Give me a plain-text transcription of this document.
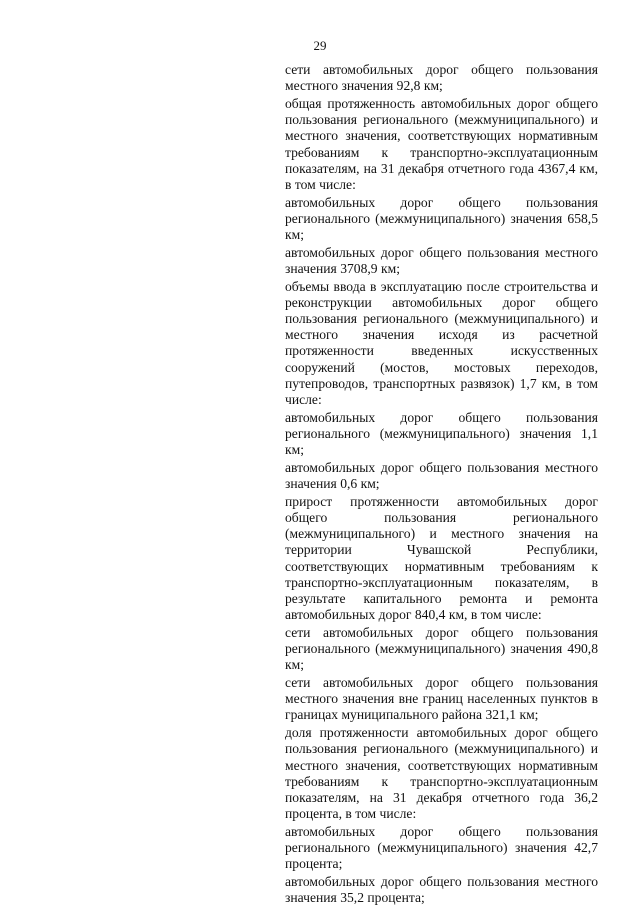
29

сети автомобильных дорог общего пользования местного значения 92,8 км;

общая протяженность автомобильных дорог общего пользования регионального (межмуниципального) и местного значения, соответствующих нормативным требованиям к транспортно-эксплуатационным показателям, на 31 декабря отчетного года 4367,4 км, в том числе:

автомобильных дорог общего пользования регионального (межмуниципального) значения 658,5 км;

автомобильных дорог общего пользования местного значения 3708,9 км;

объемы ввода в эксплуатацию после строительства и реконструкции автомобильных дорог общего пользования регионального (межмуниципального) и местного значения исходя из расчетной протяженности введенных искусственных сооружений (мостов, мостовых переходов, путепроводов, транспортных развязок) 1,7 км, в том числе:

автомобильных дорог общего пользования регионального (межмуниципального) значения 1,1 км;

автомобильных дорог общего пользования местного значения 0,6 км;

прирост протяженности автомобильных дорог общего пользования регионального (межмуниципального) и местного значения на территории Чувашской Республики, соответствующих нормативным требованиям к транспортно-эксплуатационным показателям, в результате капитального ремонта и ремонта автомобильных дорог 840,4 км, в том числе:

сети автомобильных дорог общего пользования регионального (межмуниципального) значения 490,8 км;

сети автомобильных дорог общего пользования местного значения вне границ населенных пунктов в границах муниципального района 321,1 км;

доля протяженности автомобильных дорог общего пользования регионального (межмуниципального) и местного значения, соответствующих нормативным требованиям к транспортно-эксплуатационным показателям, на 31 декабря отчетного года 36,2 процента, в том числе:

автомобильных дорог общего пользования регионального (межмуниципального) значения 42,7 процента;

автомобильных дорог общего пользования местного значения 35,2 процента;
